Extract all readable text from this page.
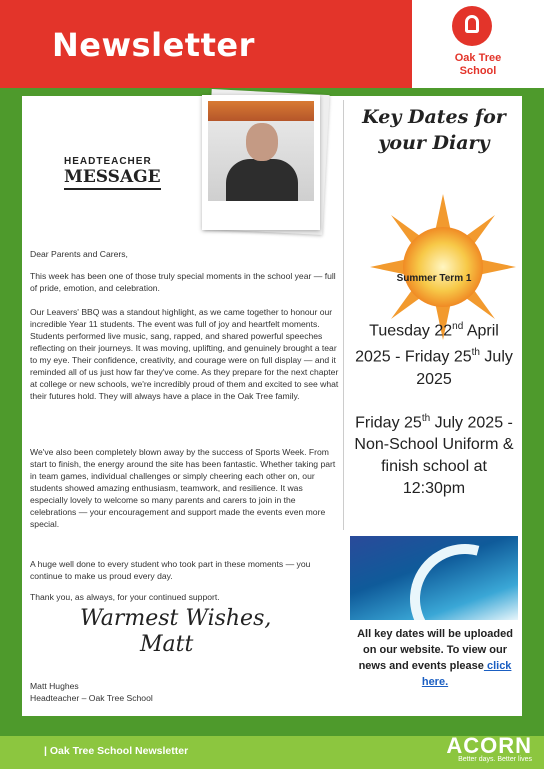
Newsletter	Oak Tree
School
HEADTEACHER
MESSAGE

Dear Parents and Carers,

This week has been one of those truly special moments in the school year — full of pride, emotion, and celebration.

Our Leavers' BBQ was a standout highlight, as we came together to honour our incredible Year 11 students. The event was full of joy and heartfelt moments. Students performed live music, sang, rapped, and shared powerful speeches reflecting on their journeys. It was moving, uplifting, and genuinely brought a tear to my eye. Their confidence, creativity, and courage were on full display — and it reminded all of us just how far they've come. As they prepare for the next chapter at college or new schools, we're incredibly proud of them and excited to see what their futures hold. They will always have a place in the Oak Tree family.

We've also been completely blown away by the success of Sports Week. From start to finish, the energy around the site has been fantastic. Whether taking part in team games, individual challenges or simply cheering each other on, our students showed amazing enthusiasm, teamwork, and resilience. It was especially lovely to welcome so many parents and carers to join in the celebrations — your encouragement and support made the events even more special.

A huge well done to every student who took part in these moments — you continue to make us proud every day.

Thank you, as always, for your continued support.

Warmest Wishes,
Matt
Matt Hughes
Headteacher – Oak Tree School
Key Dates for
your Diary
Summer Term 1
Tuesday 22nd April 2025 - Friday 25th July 2025
Friday 25th July 2025 - Non-School Uniform & finish school at 12:30pm
All key dates will be uploaded on our website. To view our news and events please click here.
| Oak Tree School Newsletter	ACORN
Better days. Better lives
